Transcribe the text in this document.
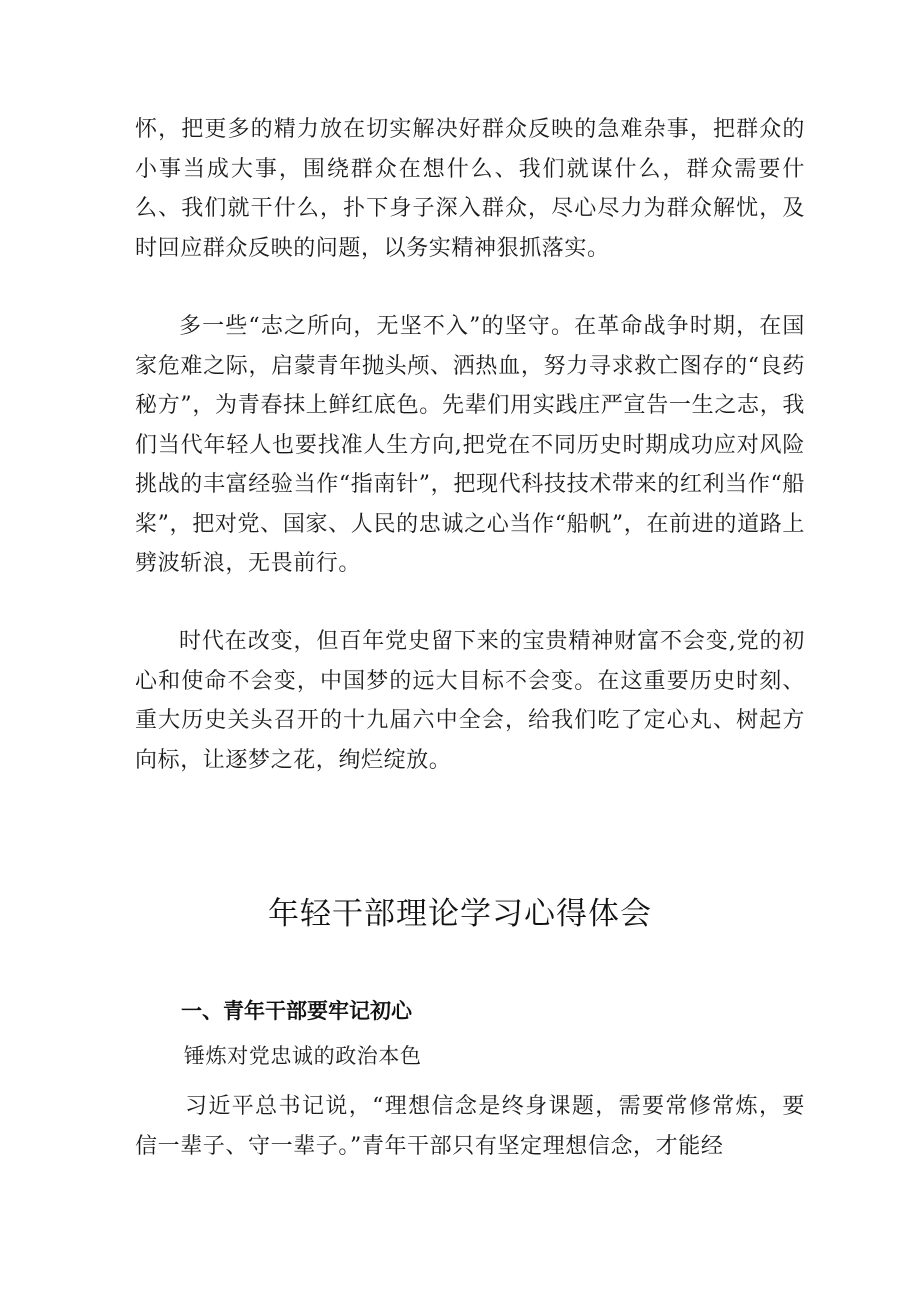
怀，把更多的精力放在切实解决好群众反映的急难杂事，把群众的小事当成大事，围绕群众在想什么、我们就谋什么，群众需要什么、我们就干什么，扑下身子深入群众，尽心尽力为群众解忧，及时回应群众反映的问题，以务实精神狠抓落实。

多一些“志之所向，无坚不入”的坚守。在革命战争时期，在国家危难之际，启蒙青年抛头颅、洒热血，努力寻求救亡图存的“良药秘方”，为青春抹上鲜红底色。先辈们用实践庄严宣告一生之志，我们当代年轻人也要找准人生方向,把党在不同历史时期成功应对风险挑战的丰富经验当作“指南针”，把现代科技技术带来的红利当作“船桨”，把对党、国家、人民的忠诚之心当作“船帆”，在前进的道路上劈波斩浪，无畏前行。

时代在改变，但百年党史留下来的宝贵精神财富不会变,党的初心和使命不会变，中国梦的远大目标不会变。在这重要历史时刻、重大历史关头召开的十九届六中全会，给我们吃了定心丸、树起方向标，让逐梦之花，绚烂绽放。

年轻干部理论学习心得体会
一、青年干部要牢记初心

锤炼对党忠诚的政治本色

习近平总书记说，“理想信念是终身课题，需要常修常炼，要信一辈子、守一辈子。”青年干部只有坚定理想信念，才能经
